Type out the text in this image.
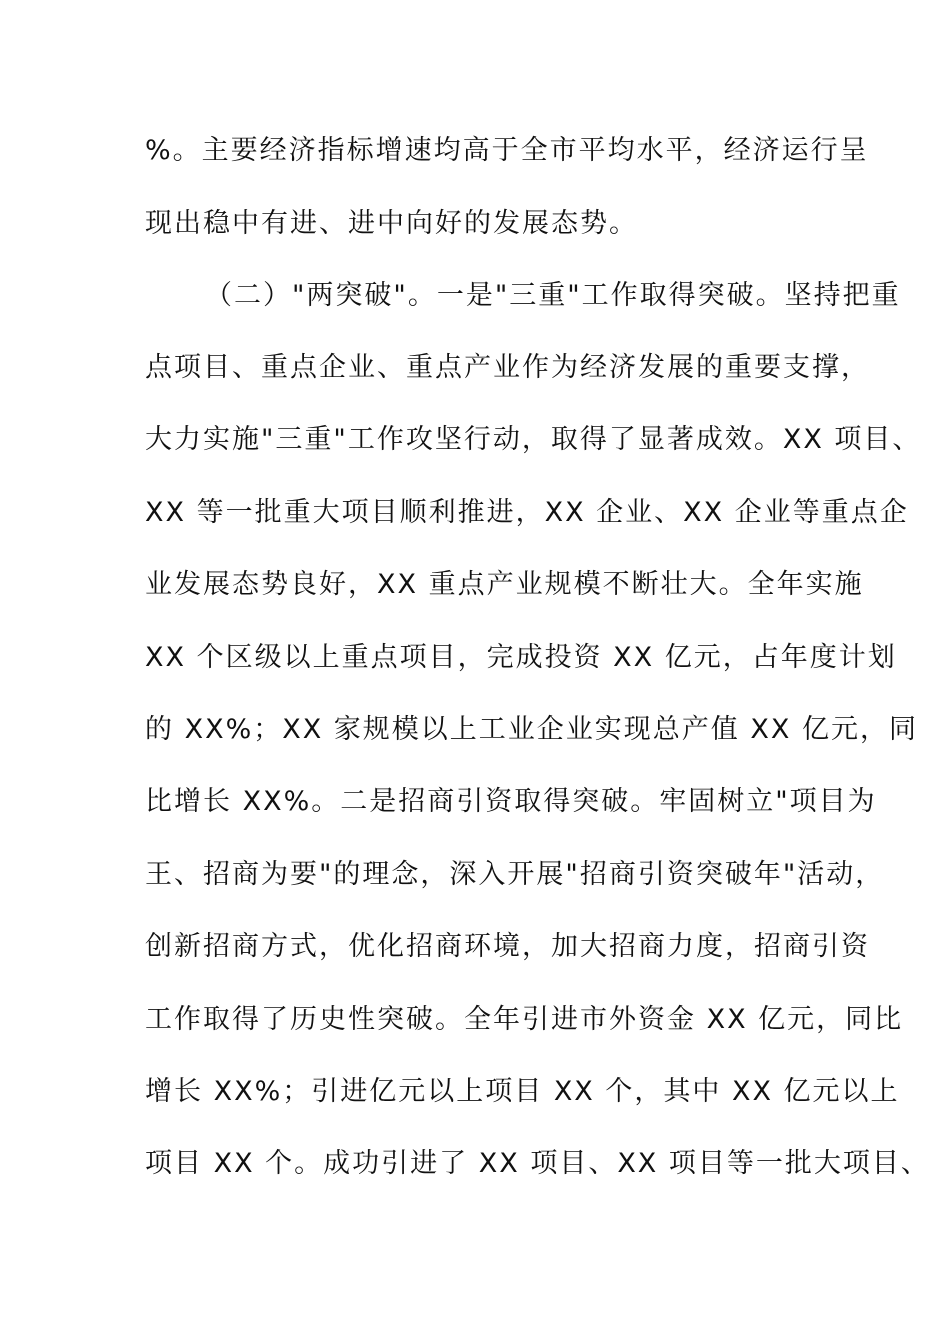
%。主要经济指标增速均高于全市平均水平，经济运行呈

现出稳中有进、进中向好的发展态势。

（二）"两突破"。一是"三重"工作取得突破。坚持把重

点项目、重点企业、重点产业作为经济发展的重要支撑，

大力实施"三重"工作攻坚行动，取得了显著成效。XX 项目、

XX 等一批重大项目顺利推进，XX 企业、XX 企业等重点企

业发展态势良好，XX 重点产业规模不断壮大。全年实施

XX 个区级以上重点项目，完成投资 XX 亿元，占年度计划

的 XX%；XX 家规模以上工业企业实现总产值 XX 亿元，同

比增长 XX%。二是招商引资取得突破。牢固树立"项目为

王、招商为要"的理念，深入开展"招商引资突破年"活动，

创新招商方式，优化招商环境，加大招商力度，招商引资

工作取得了历史性突破。全年引进市外资金 XX 亿元，同比

增长 XX%；引进亿元以上项目 XX 个，其中 XX 亿元以上

项目 XX 个。成功引进了 XX 项目、XX 项目等一批大项目、
